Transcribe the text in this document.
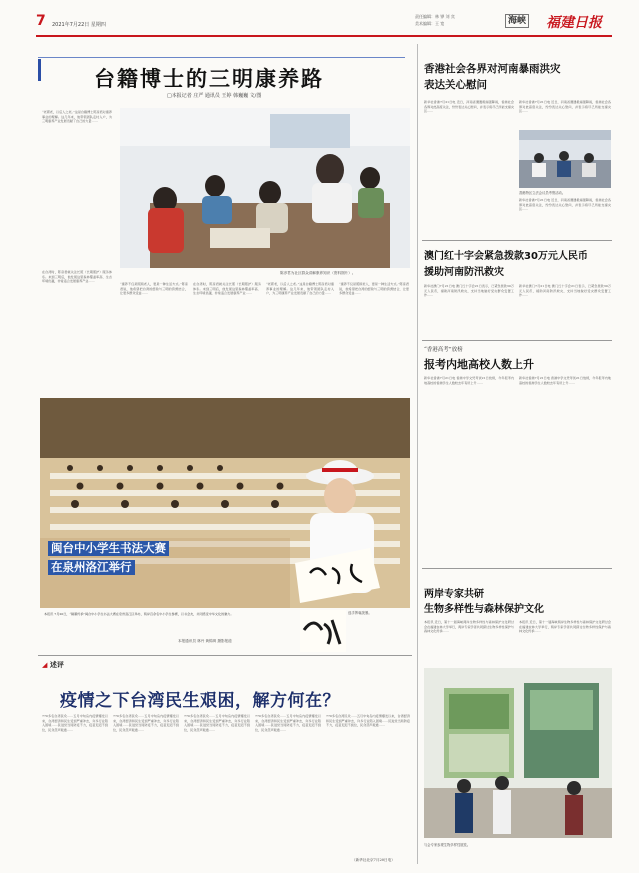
7 2021年7月22日 星期四
责任编辑：林 铧 刘 宾
美术编辑：王 宽	海峡 福建日报
台籍博士的三明康养路
□本报记者 庄严 通讯员 王婷 韩巍巍 文/图
“老郭老，以后人之老。”这是台籍博士陈彦君对康养事业的理解。这几年来，他带领团队走村入户，为三明康养产业发展贡献了自己的力量……
在台湾时，陈彦君就关注长照（长期照护）服务体系。来到三明后，他发现这里森林覆盖率高、生态环境优越，非常适合发展康养产业……
陈彦君为社区群众讲解康养知识（资料图片）。
“康养不仅是照顾老人，更是一种生活方式。”陈彦君说，他希望把台湾的经验与三明的资源结合，让更多群众受益……
在台湾时，陈彦君就关注长照（长期照护）服务体系。来到三明后，他发现这里森林覆盖率高、生态环境优越，非常适合发展康养产业……
“老郭老，以后人之老。”这是台籍博士陈彦君对康养事业的理解。这几年来，他带领团队走村入户，为三明康养产业发展贡献了自己的力量……
“康养不仅是照顾老人，更是一种生活方式。”陈彦君说，他希望把台湾的经验与三明的资源结合，让更多群众受益……
闽台中小学生书法大赛
在泉州洛江举行
选手挥毫泼墨。
本报讯 7月20日，“翰墨传承”闽台中小学生书法大赛在泉州洛江区举办，两岸百余名中小学生参赛，以书会友，共同感受中华文化的魅力。
本报通讯员 林丹 黄锦圳 摄影报道
◢ 述评
疫情之下台湾民生艰困，解方何在？
770多名台湾民众……五月中旬岛内疫情爆发以来，台湾经济和民生受到严重冲击，许多行业陷入困境……民进党当局防疫不力，疫苗迟迟不到位，民众怨声载道……
770多名台湾民众……五月中旬岛内疫情爆发以来，台湾经济和民生受到严重冲击，许多行业陷入困境……民进党当局防疫不力，疫苗迟迟不到位，民众怨声载道……
770多名台湾民众……五月中旬岛内疫情爆发以来，台湾经济和民生受到严重冲击，许多行业陷入困境……民进党当局防疫不力，疫苗迟迟不到位，民众怨声载道……
770多名台湾民众……五月中旬岛内疫情爆发以来，台湾经济和民生受到严重冲击，许多行业陷入困境……民进党当局防疫不力，疫苗迟迟不到位，民众怨声载道……
770多名台湾民众……五月中旬岛内疫情爆发以来，台湾经济和民生受到严重冲击，许多行业陷入困境……民进党当局防疫不力，疫苗迟迟不到位，民众怨声载道……
（新华社北京7月20日电）
香港社会各界对河南暴雨洪灾
表达关心慰问
新华社香港7月21日电 近日，河南省遭遇极端强降雨，香港社会各界对此高度关注，纷纷表达关心慰问，并表示将尽己所能支援灾区……
新华社香港7月21日电 近日，河南省遭遇极端强降雨，香港社会各界对此高度关注，纷纷表达关心慰问，并表示将尽己所能支援灾区……
香港特区立法会议员考察活动。
新华社香港7月21日电 近日，河南省遭遇极端强降雨，香港社会各界对此高度关注，纷纷表达关心慰问，并表示将尽己所能支援灾区……
澳门红十字会紧急拨款30万元人民币
援助河南防汛救灾
新华社澳门7月21日电 澳门红十字会21日表示，已紧急拨款30万元人民币，援助河南防汛救灾，支持当地做好受灾群众安置工作……
新华社澳门7月21日电 澳门红十字会21日表示，已紧急拨款30万元人民币，援助河南防汛救灾，支持当地做好受灾群众安置工作……
“香港高考”放榜
报考内地高校人数上升
新华社香港7月21日电 香港中学文凭考试21日放榜，今年报考内地高校的香港学生人数较去年有所上升……
新华社香港7月21日电 香港中学文凭考试21日放榜，今年报考内地高校的香港学生人数较去年有所上升……
两岸专家共研
生物多样性与森林保护文化
本报讯 近日，第十一届海峡两岸生物多样性与森林保护文化研讨会在福建农林大学举行，两岸专家学者共同探讨生物多样性保护与森林文化传承……
本报讯 近日，第十一届海峡两岸生物多样性与森林保护文化研讨会在福建农林大学举行，两岸专家学者共同探讨生物多样性保护与森林文化传承……
与会专家参观生物多样性展览。
